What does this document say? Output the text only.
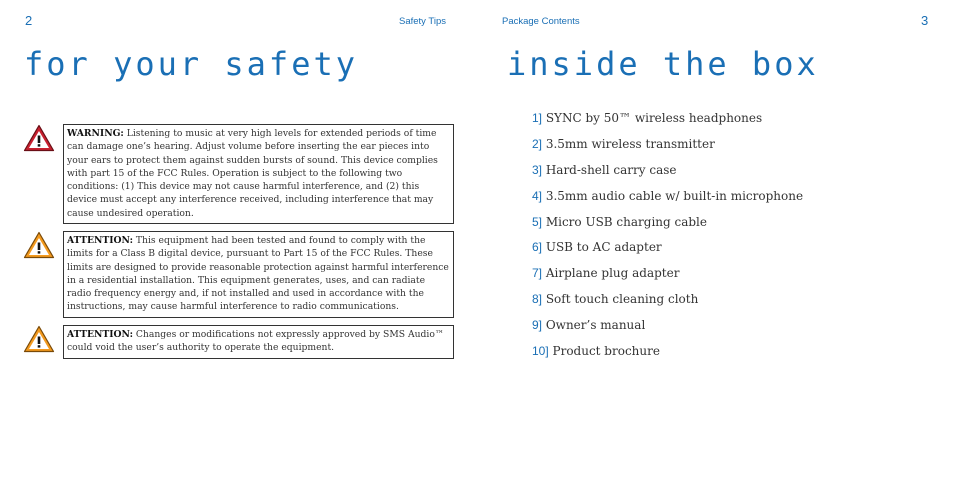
2	Safety Tips
for your safety
WARNING: Listening to music at very high levels for extended periods of time can damage one’s hearing. Adjust volume before inserting the ear pieces into your ears to protect them against sudden bursts of sound. This device complies with part 15 of the FCC Rules. Operation is subject to the following two conditions: (1) This device may not cause harmful interference, and (2) this device must accept any interference received, including interference that may cause undesired operation.
ATTENTION: This equipment had been tested and found to comply with the limits for a Class B digital device, pursuant to Part 15 of the FCC Rules. These limits are designed to provide reasonable protection against harmful interference in a residential installation. This equipment generates, uses, and can radiate radio frequency energy and, if not installed and used in accordance with the instructions, may cause harmful interference to radio communications.
ATTENTION: Changes or modifications not expressly approved by SMS Audio™ could void the user’s authority to operate the equipment.
Package Contents	3
inside the box
1] SYNC by 50™ wireless headphones
2] 3.5mm wireless transmitter
3] Hard-shell carry case
4] 3.5mm audio cable w/ built-in microphone
5] Micro USB charging cable
6] USB to AC adapter
7] Airplane plug adapter
8] Soft touch cleaning cloth
9] Owner’s manual
10] Product brochure
